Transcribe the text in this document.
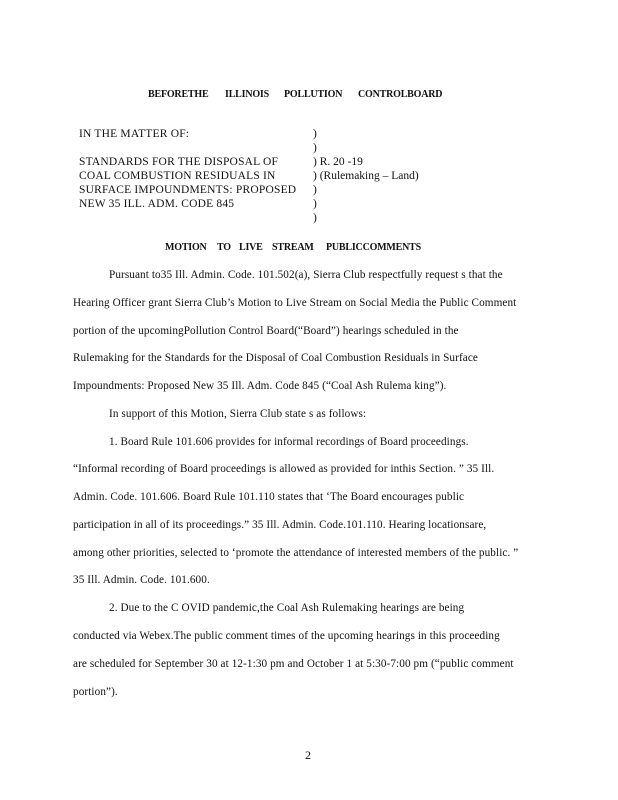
BEFORETHE ILLINOIS POLLUTION CONTROLBOARD
IN THE MATTER OF:
STANDARDS FOR THE DISPOSAL OF
COAL COMBUSTION RESIDUALS IN
SURFACE IMPOUNDMENTS: PROPOSED
NEW 35 ILL. ADM. CODE 845
)
)
) R. 20 -19
) (Rulemaking – Land)
)
)
)
MOTION TO LIVE STREAM PUBLICCOMMENTS
Pursuant to35 Ill. Admin. Code. 101.502(a), Sierra Club respectfully request s that the
Hearing Officer grant Sierra Club’s Motion to Live Stream on Social Media the Public Comment
portion of the upcomingPollution Control Board(“Board”) hearings scheduled in the
Rulemaking for the Standards for the Disposal of Coal Combustion Residuals in Surface
Impoundments: Proposed New 35 Ill. Adm. Code 845 (“Coal Ash Rulema king”).
In support of this Motion, Sierra Club state s as follows:
1. Board Rule 101.606 provides for informal recordings of Board proceedings.
“Informal recording of Board proceedings is allowed as provided for inthis Section. ” 35 Ill.
Admin. Code. 101.606. Board Rule 101.110 states that ‘The Board encourages public
participation in all of its proceedings.” 35 Ill. Admin. Code.101.110. Hearing locationsare,
among other priorities, selected to ‘promote the attendance of interested members of the public. ”
35 Ill. Admin. Code. 101.600.
2. Due to the C OVID pandemic,the Coal Ash Rulemaking hearings are being
conducted via Webex.The public comment times of the upcoming hearings in this proceeding
are scheduled for September 30 at 12-1:30 pm and October 1 at 5:30-7:00 pm (“public comment
portion”).
2
